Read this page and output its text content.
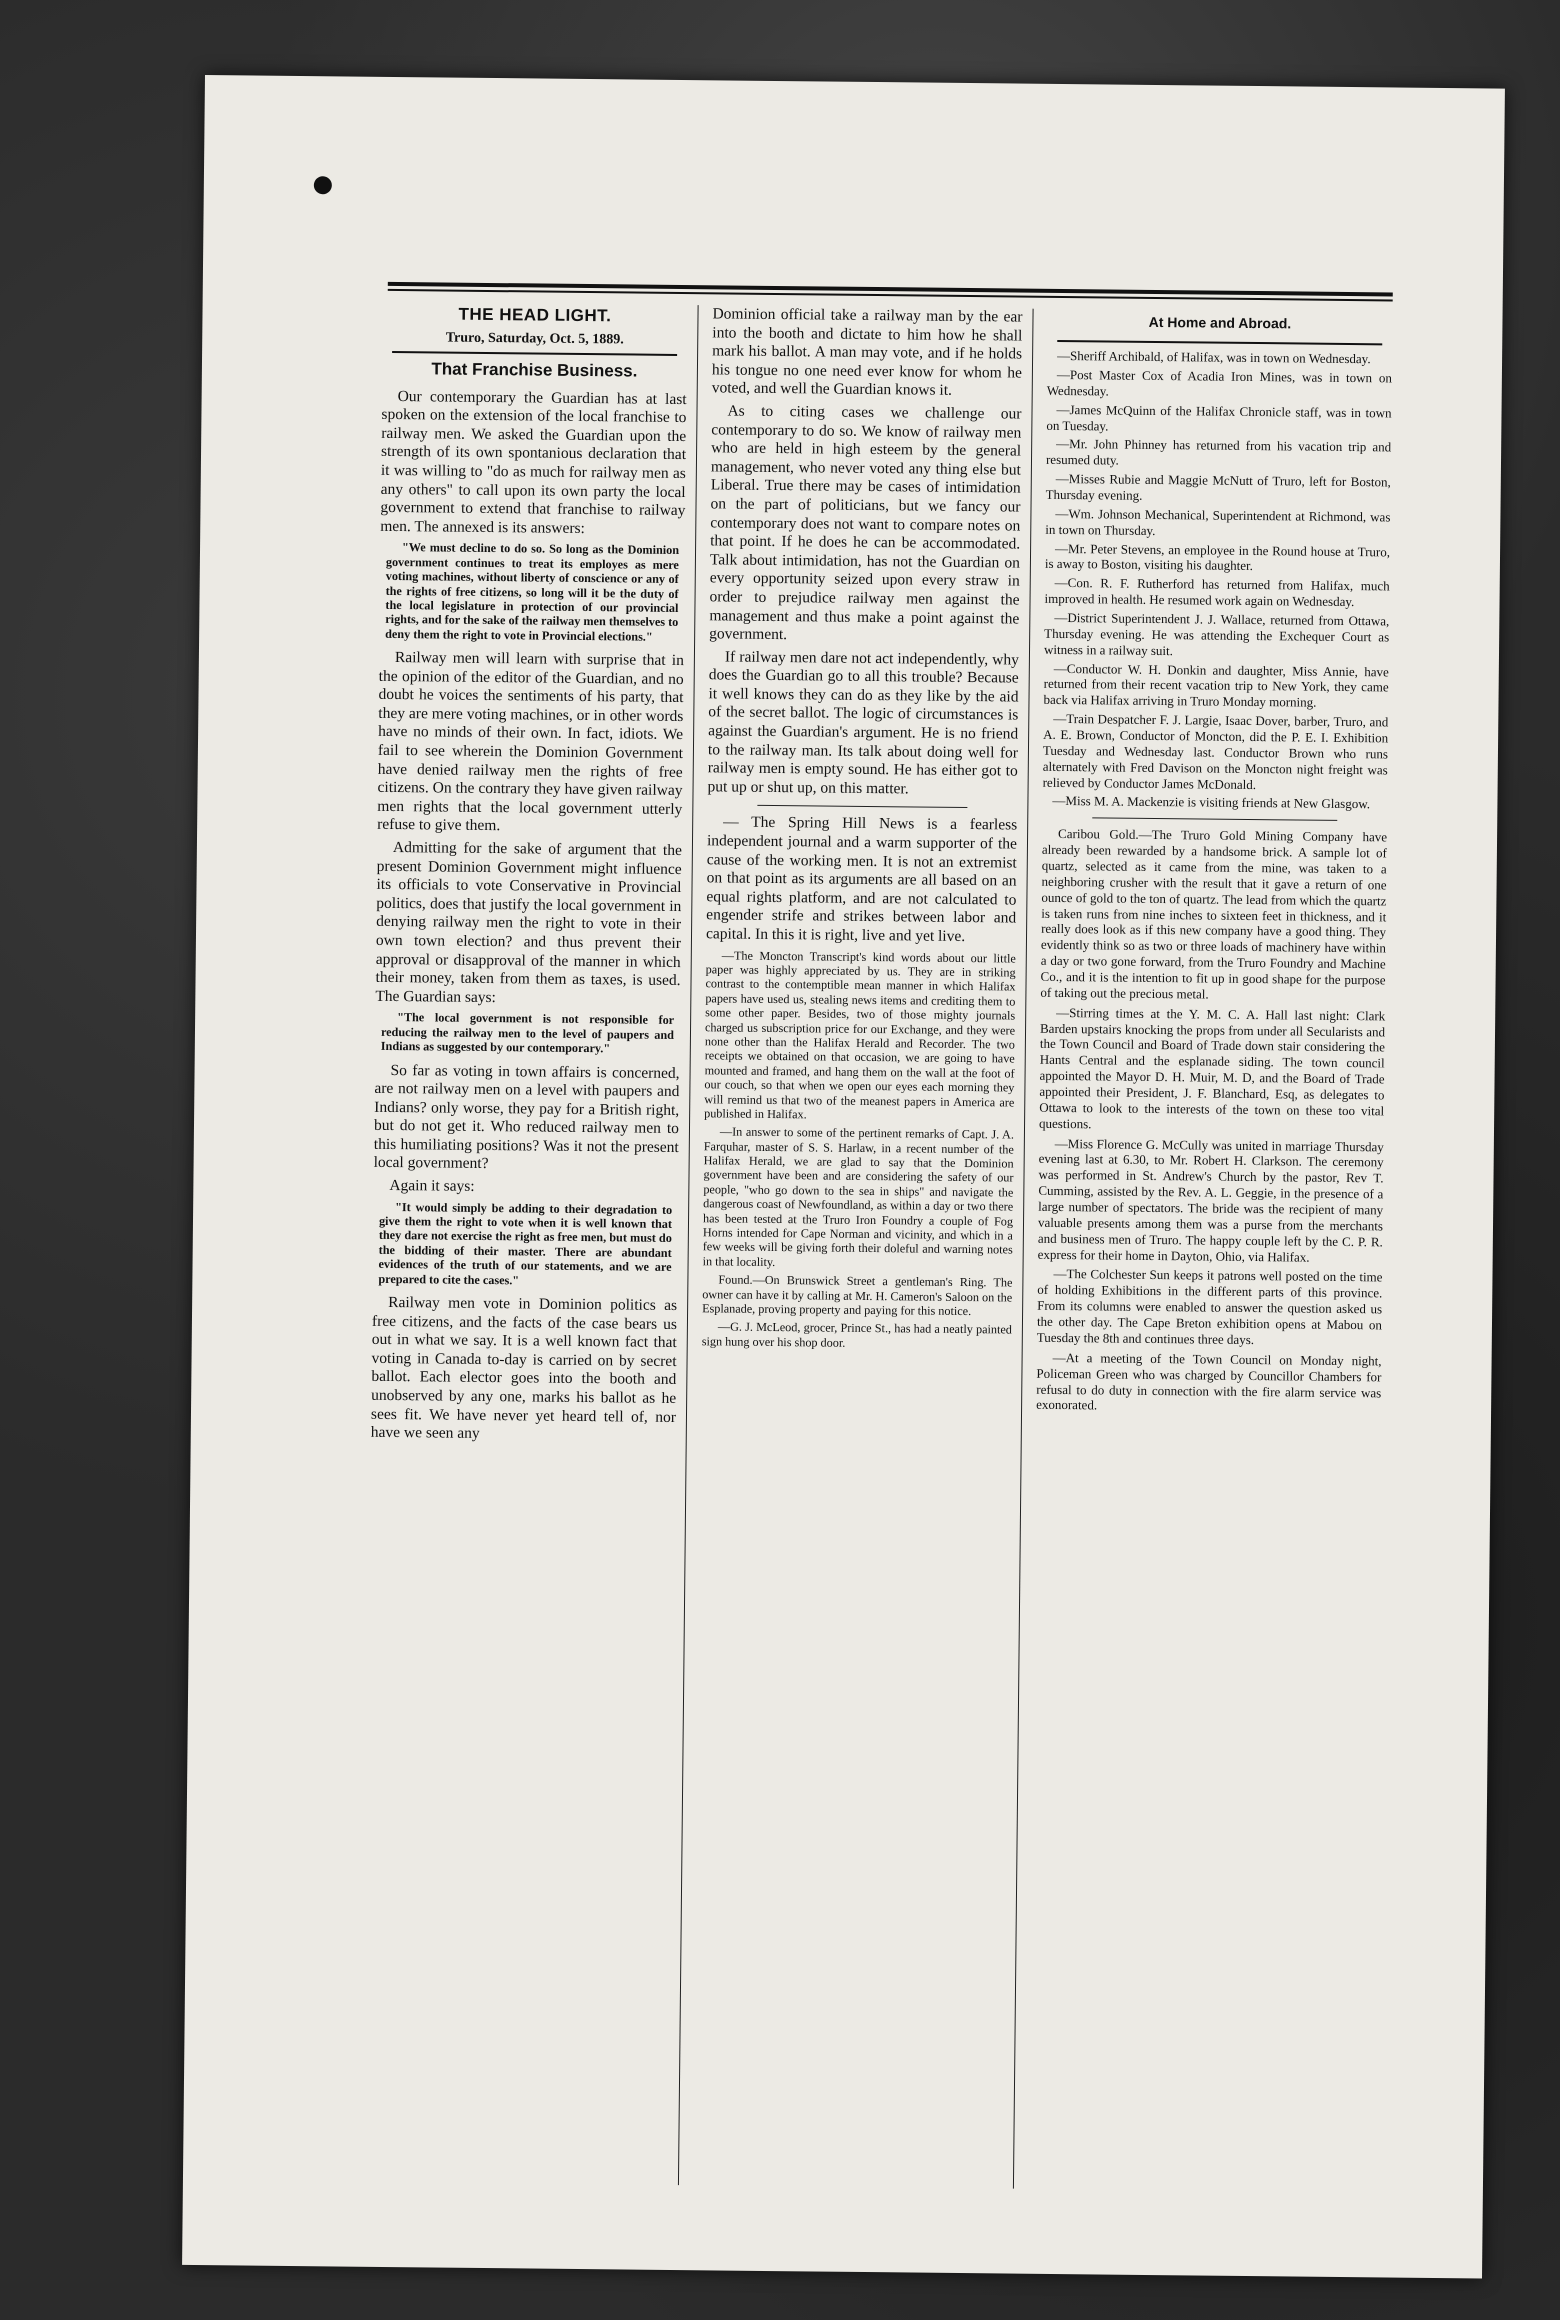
THE HEAD LIGHT.
Truro, Saturday, Oct. 5, 1889.
That Franchise Business.

Our contemporary the Guardian has at last spoken on the extension of the local franchise to railway men. We asked the Guardian upon the strength of its own spontanious declaration that it was willing to "do as much for railway men as any others" to call upon its own party the local government to extend that franchise to railway men. The annexed is its answers:

"We must decline to do so. So long as the Dominion government continues to treat its employes as mere voting machines, without liberty of conscience or any of the rights of free citizens, so long will it be the duty of the local legislature in protection of our provincial rights, and for the sake of the railway men themselves to deny them the right to vote in Provincial elections."

Railway men will learn with surprise that in the opinion of the editor of the Guardian, and no doubt he voices the sentiments of his party, that they are mere voting machines, or in other words have no minds of their own. In fact, idiots. We fail to see wherein the Dominion Government have denied railway men the rights of free citizens. On the contrary they have given railway men rights that the local government utterly refuse to give them.

Admitting for the sake of argument that the present Dominion Government might influence its officials to vote Conservative in Provincial politics, does that justify the local government in denying railway men the right to vote in their own town election? and thus prevent their approval or disapproval of the manner in which their money, taken from them as taxes, is used. The Guardian says:

"The local government is not responsible for reducing the railway men to the level of paupers and Indians as suggested by our contemporary."

So far as voting in town affairs is concerned, are not railway men on a level with paupers and Indians? only worse, they pay for a British right, but do not get it. Who reduced railway men to this humiliating positions? Was it not the present local government?

Again it says:

"It would simply be adding to their degradation to give them the right to vote when it is well known that they dare not exercise the right as free men, but must do the bidding of their master. There are abundant evidences of the truth of our statements, and we are prepared to cite the cases."

Railway men vote in Dominion politics as free citizens, and the facts of the case bears us out in what we say. It is a well known fact that voting in Canada to-day is carried on by secret ballot. Each elector goes into the booth and unobserved by any one, marks his ballot as he sees fit. We have never yet heard tell of, nor have we seen any

Dominion official take a railway man by the ear into the booth and dictate to him how he shall mark his ballot. A man may vote, and if he holds his tongue no one need ever know for whom he voted, and well the Guardian knows it.

As to citing cases we challenge our contemporary to do so. We know of railway men who are held in high esteem by the general management, who never voted any thing else but Liberal. True there may be cases of intimidation on the part of politicians, but we fancy our contemporary does not want to compare notes on that point. If he does he can be accommodated. Talk about intimidation, has not the Guardian on every opportunity seized upon every straw in order to prejudice railway men against the management and thus make a point against the government.

If railway men dare not act independently, why does the Guardian go to all this trouble? Because it well knows they can do as they like by the aid of the secret ballot. The logic of circumstances is against the Guardian's argument. He is no friend to the railway man. Its talk about doing well for railway men is empty sound. He has either got to put up or shut up, on this matter.

— The Spring Hill News is a fearless independent journal and a warm supporter of the cause of the working men. It is not an extremist on that point as its arguments are all based on an equal rights platform, and are not calculated to engender strife and strikes between labor and capital. In this it is right, live and yet live.

—The Moncton Transcript's kind words about our little paper was highly appreciated by us. They are in striking contrast to the contemptible mean manner in which Halifax papers have used us, stealing news items and crediting them to some other paper. Besides, two of those mighty journals charged us subscription price for our Exchange, and they were none other than the Halifax Herald and Recorder. The two receipts we obtained on that occasion, we are going to have mounted and framed, and hang them on the wall at the foot of our couch, so that when we open our eyes each morning they will remind us that two of the meanest papers in America are published in Halifax.

—In answer to some of the pertinent remarks of Capt. J. A. Farquhar, master of S. S. Harlaw, in a recent number of the Halifax Herald, we are glad to say that the Dominion government have been and are considering the safety of our people, "who go down to the sea in ships" and navigate the dangerous coast of Newfoundland, as within a day or two there has been tested at the Truro Iron Foundry a couple of Fog Horns intended for Cape Norman and vicinity, and which in a few weeks will be giving forth their doleful and warning notes in that locality.

Found.—On Brunswick Street a gentleman's Ring. The owner can have it by calling at Mr. H. Cameron's Saloon on the Esplanade, proving property and paying for this notice.

—G. J. McLeod, grocer, Prince St., has had a neatly painted sign hung over his shop door.

At Home and Abroad.

—Sheriff Archibald, of Halifax, was in town on Wednesday.

—Post Master Cox of Acadia Iron Mines, was in town on Wednesday.

—James McQuinn of the Halifax Chronicle staff, was in town on Tuesday.

—Mr. John Phinney has returned from his vacation trip and resumed duty.

—Misses Rubie and Maggie McNutt of Truro, left for Boston, Thursday evening.

—Wm. Johnson Mechanical, Superintendent at Richmond, was in town on Thursday.

—Mr. Peter Stevens, an employee in the Round house at Truro, is away to Boston, visiting his daughter.

—Con. R. F. Rutherford has returned from Halifax, much improved in health. He resumed work again on Wednesday.

—District Superintendent J. J. Wallace, returned from Ottawa, Thursday evening. He was attending the Exchequer Court as witness in a railway suit.

—Conductor W. H. Donkin and daughter, Miss Annie, have returned from their recent vacation trip to New York, they came back via Halifax arriving in Truro Monday morning.

—Train Despatcher F. J. Largie, Isaac Dover, barber, Truro, and A. E. Brown, Conductor of Moncton, did the P. E. I. Exhibition Tuesday and Wednesday last. Conductor Brown who runs alternately with Fred Davison on the Moncton night freight was relieved by Conductor James McDonald.

—Miss M. A. Mackenzie is visiting friends at New Glasgow.

Caribou Gold.—The Truro Gold Mining Company have already been rewarded by a handsome brick. A sample lot of quartz, selected as it came from the mine, was taken to a neighboring crusher with the result that it gave a return of one ounce of gold to the ton of quartz. The lead from which the quartz is taken runs from nine inches to sixteen feet in thickness, and it really does look as if this new company have a good thing. They evidently think so as two or three loads of machinery have within a day or two gone forward, from the Truro Foundry and Machine Co., and it is the intention to fit up in good shape for the purpose of taking out the precious metal.

—Stirring times at the Y. M. C. A. Hall last night: Clark Barden upstairs knocking the props from under all Secularists and the Town Council and Board of Trade down stair considering the Hants Central and the esplanade siding. The town council appointed the Mayor D. H. Muir, M. D, and the Board of Trade appointed their President, J. F. Blanchard, Esq, as delegates to Ottawa to look to the interests of the town on these too vital questions.

—Miss Florence G. McCully was united in marriage Thursday evening last at 6.30, to Mr. Robert H. Clarkson. The ceremony was performed in St. Andrew's Church by the pastor, Rev T. Cumming, assisted by the Rev. A. L. Geggie, in the presence of a large number of spectators. The bride was the recipient of many valuable presents among them was a purse from the merchants and business men of Truro. The happy couple left by the C. P. R. express for their home in Dayton, Ohio, via Halifax.

—The Colchester Sun keeps it patrons well posted on the time of holding Exhibitions in the different parts of this province. From its columns were enabled to answer the question asked us the other day. The Cape Breton exhibition opens at Mabou on Tuesday the 8th and continues three days.

—At a meeting of the Town Council on Monday night, Policeman Green who was charged by Councillor Chambers for refusal to do duty in connection with the fire alarm service was exonorated.
